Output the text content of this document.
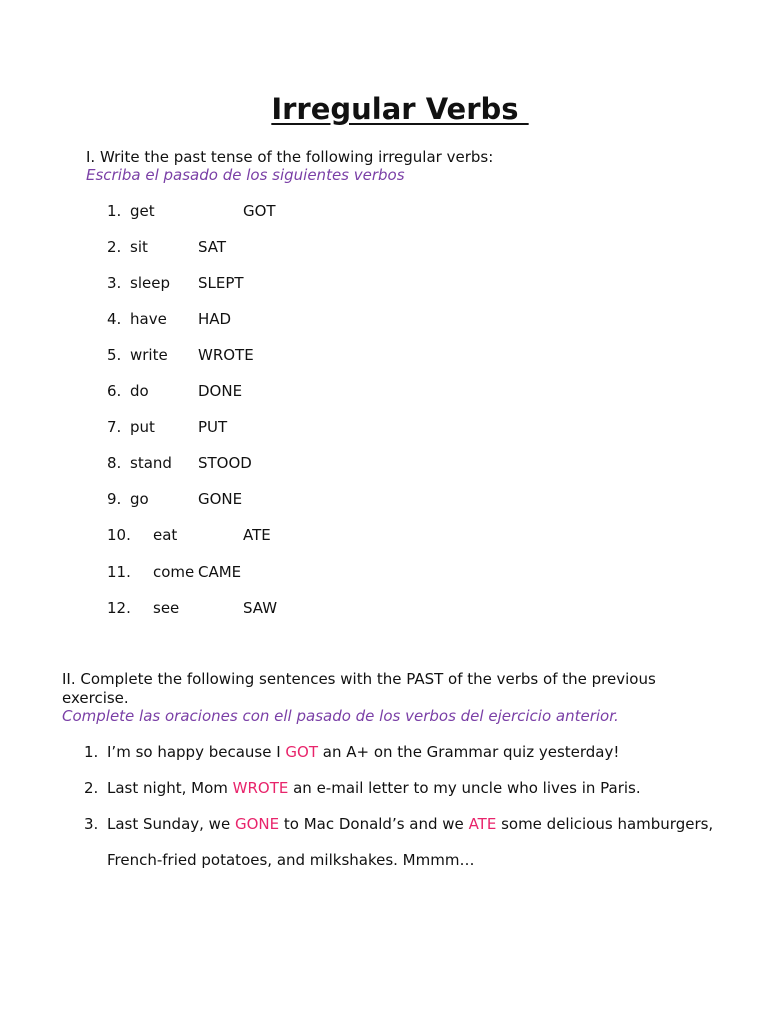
Irregular Verbs
I. Write the past tense of the following irregular verbs:
Escriba el pasado de los siguientes verbos
1. get	GOT
2. sit	SAT
3. sleep SLEPT
4. have HAD
5. write WROTE
6. do	DONE
7. put	PUT
8. stand STOOD
9. go	GONE
10. eat	ATE
11. come CAME
12. see	SAW
II. Complete the following sentences with the PAST of the verbs of the previous
exercise.
Complete las oraciones con ell pasado de los verbos del ejercicio anterior.
1. I’m so happy because I GOT an A+ on the Grammar quiz yesterday!
2. Last night, Mom WROTE an e-mail letter to my uncle who lives in Paris.
3. Last Sunday, we GONE to Mac Donald’s and we ATE some delicious hamburgers,
French-fried potatoes, and milkshakes. Mmmm…
